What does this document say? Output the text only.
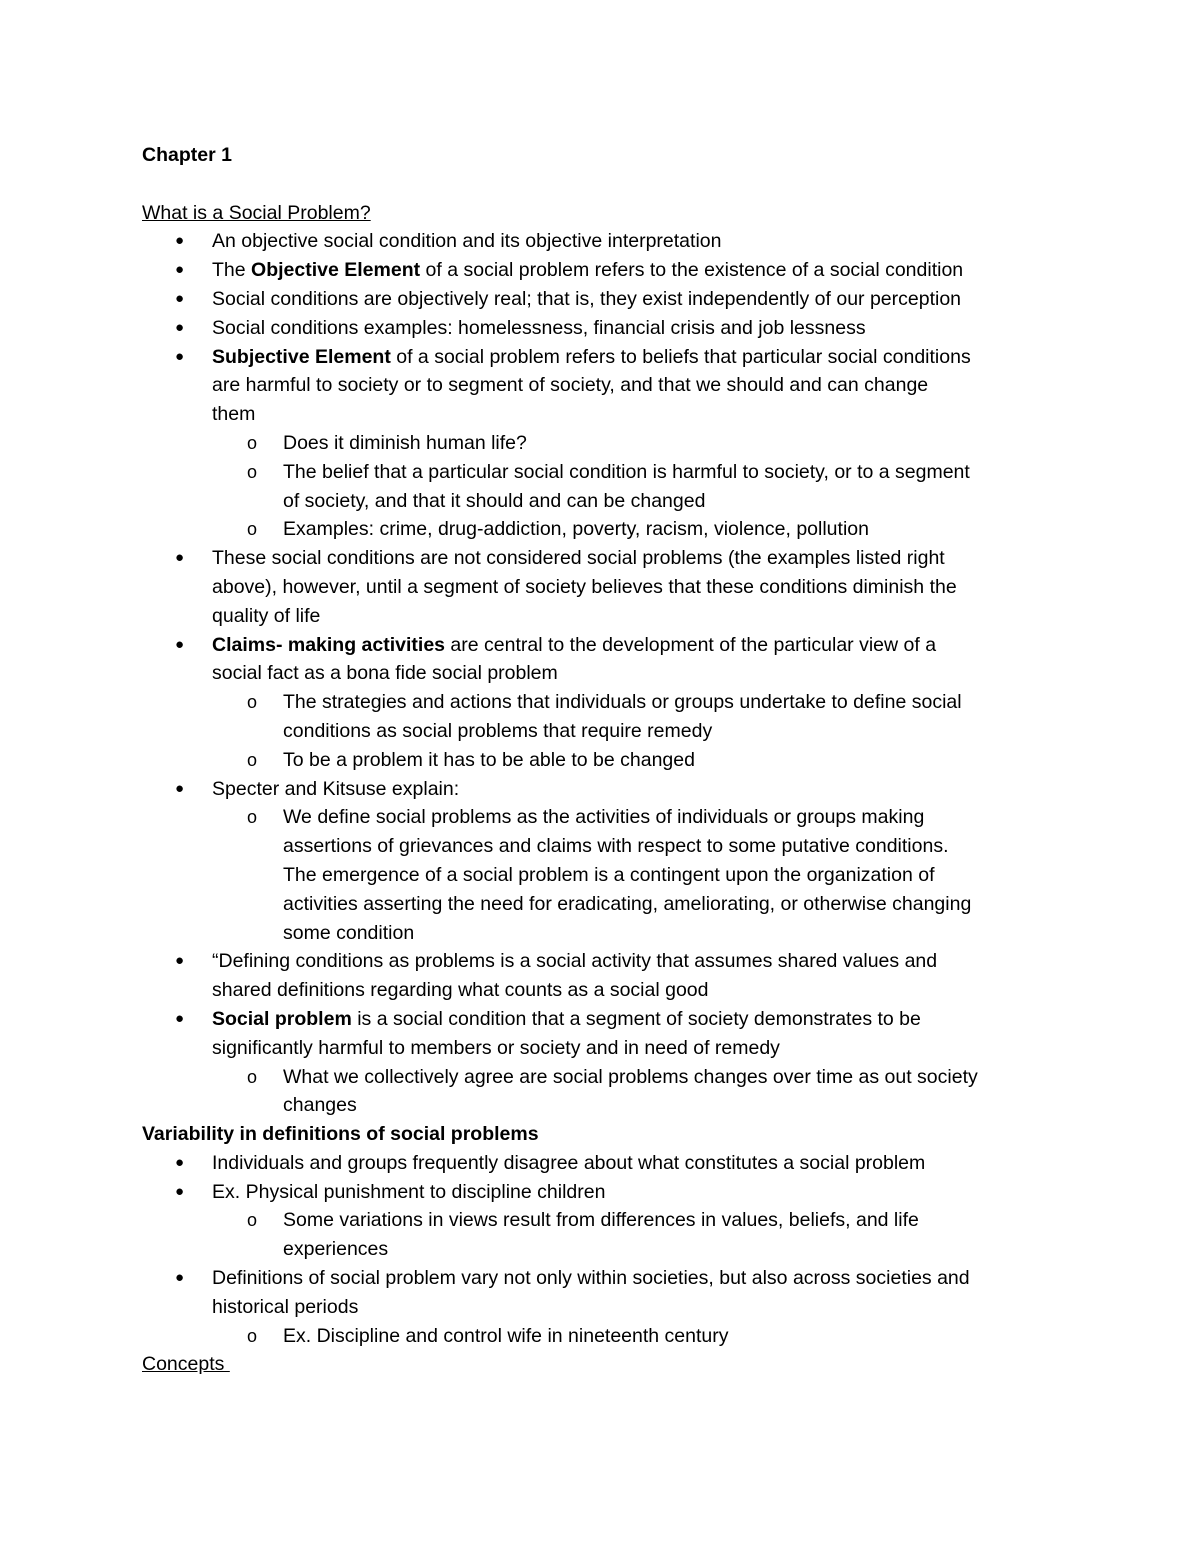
Chapter 1
What is a Social Problem?
● An objective social condition and its objective interpretation
● The Objective Element of a social problem refers to the existence of a social condition
● Social conditions are objectively real; that is, they exist independently of our perception
● Social conditions examples: homelessness, financial crisis and job lessness
● Subjective Element of a social problem refers to beliefs that particular social conditions
are harmful to society or to segment of society, and that we should and can change
them
o Does it diminish human life?
o The belief that a particular social condition is harmful to society, or to a segment
of society, and that it should and can be changed
o Examples: crime, drug-addiction, poverty, racism, violence, pollution
● These social conditions are not considered social problems (the examples listed right
above), however, until a segment of society believes that these conditions diminish the
quality of life
● Claims- making activities are central to the development of the particular view of a
social fact as a bona fide social problem
o The strategies and actions that individuals or groups undertake to define social
conditions as social problems that require remedy
o To be a problem it has to be able to be changed
● Specter and Kitsuse explain:
o We define social problems as the activities of individuals or groups making
assertions of grievances and claims with respect to some putative conditions.
The emergence of a social problem is a contingent upon the organization of
activities asserting the need for eradicating, ameliorating, or otherwise changing
some condition
● “Defining conditions as problems is a social activity that assumes shared values and
shared definitions regarding what counts as a social good
● Social problem is a social condition that a segment of society demonstrates to be
significantly harmful to members or society and in need of remedy
o What we collectively agree are social problems changes over time as out society
changes
Variability in definitions of social problems
● Individuals and groups frequently disagree about what constitutes a social problem
● Ex. Physical punishment to discipline children
o Some variations in views result from differences in values, beliefs, and life
experiences
● Definitions of social problem vary not only within societies, but also across societies and
historical periods
o Ex. Discipline and control wife in nineteenth century
Concepts
